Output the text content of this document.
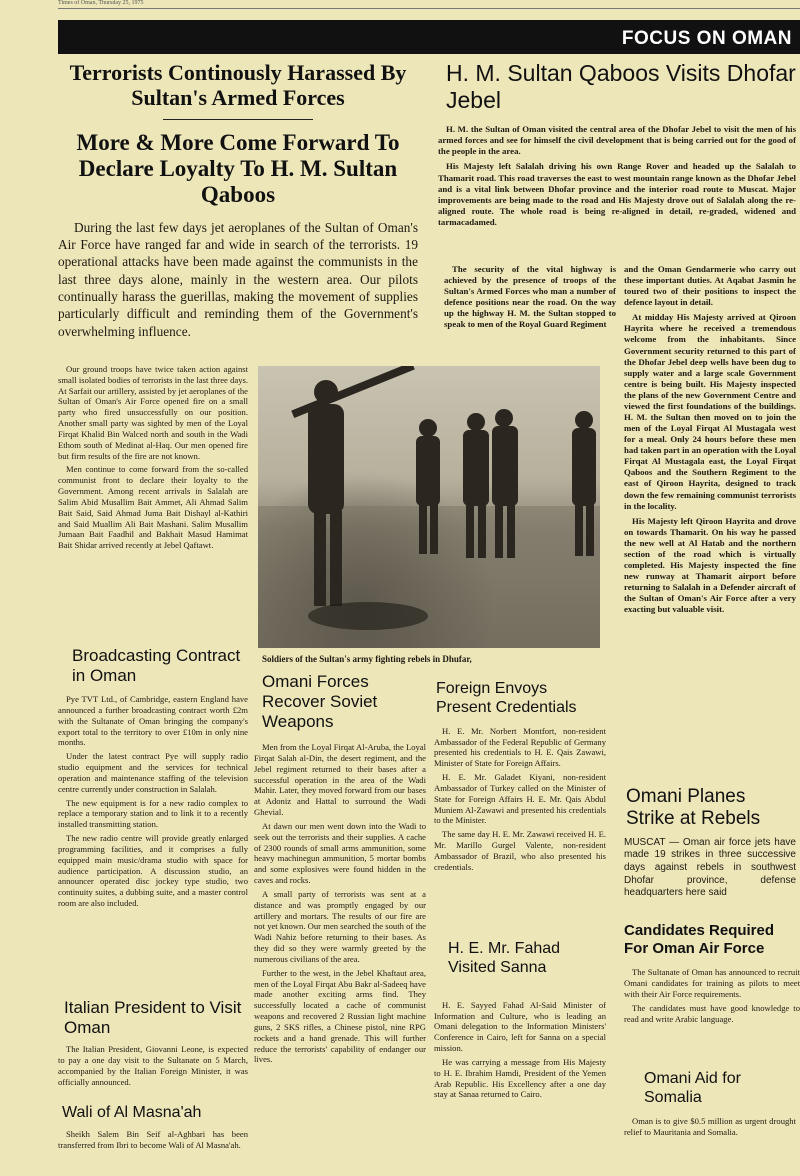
Times of Oman, Thursday 25, 1975
FOCUS ON OMAN
Terrorists Continously Harassed By Sultan's Armed Forces
More & More Come Forward To Declare Loyalty To H. M. Sultan Qaboos

During the last few days jet aeroplanes of the Sultan of Oman's Air Force have ranged far and wide in search of the terrorists. 19 operational attacks have been made against the communists in the last three days alone, mainly in the western area. Our pilots continually harass the guerillas, making the movement of supplies particularly difficult and reminding them of the Government's overwhelming influence.

Our ground troops have twice taken action against small isolated bodies of terrorists in the last three days. At Sarfait our artillery, assisted by jet aeroplanes of the Sultan of Oman's Air Force opened fire on a small party who fired unsuccessfully on our position. Another small party was sighted by men of the Loyal Firqat Khalid Bin Walced north and south in the Wadi Ethom south of Medinat al-Haq. Our men opened fire but firm results of the fire are not known.

Men continue to come forward from the so-called communist front to declare their loyalty to the Government. Among recent arrivals in Salalah are Salim Abid Musallim Bait Ammet, Ali Ahmad Salim Bait Said, Said Ahmad Juma Bait Dishayl al-Kathiri and Said Muallim Ali Bait Mashani. Salim Musallim Jumaan Bait Faadhil and Bakhait Masud Hamimat Bait Shidar arrived recently at Jebel Qaftawt.

Broadcasting Contract in Oman

Pye TVT Ltd., of Cambridge, eastern England have announced a further broadcasting contract worth £2m with the Sultanate of Oman bringing the company's export total to the territory to over £10m in only nine months.

Under the latest contract Pye will supply radio studio equipment and the services for technical operation and maintenance staffing of the television centre currently under construction in Salalah.

The new equipment is for a new radio complex to replace a temporary station and to link it to a recently installed transmitting station.

The new radio centre will provide greatly enlarged programming facilities, and it comprises a fully equipped main music/drama studio with space for audience participation. A discussion studio, an announcer operated disc jockey type studio, two continuity suites, a dubbing suite, and a master control room are also included.

Italian President to Visit Oman

The Italian President, Giovanni Leone, is expected to pay a one day visit to the Sultanate on 5 March, accompanied by the Italian Foreign Minister, it was officially announced.

Wali of Al Masna'ah

Sheikh Salem Bin Seif al-Aghbari has been transferred from Ibri to become Wali of Al Masna'ah.

H. M. Sultan Qaboos Visits Dhofar Jebel

H. M. the Sultan of Oman visited the central area of the Dhofar Jebel to visit the men of his armed forces and see for himself the civil development that is being carried out for the good of the people in the area.

His Majesty left Salalah driving his own Range Rover and headed up the Salalah to Thamarit road. This road traverses the east to west mountain range known as the Dhofar Jebel and is a vital link between Dhofar province and the interior road route to Muscat. Major improvements are being made to the road and His Majesty drove out of Salalah along the re-aligned route. The whole road is being re-aligned in detail, re-graded, widened and tarmacadamed.

The security of the vital highway is achieved by the presence of troops of the Sultan's Armed Forces who man a number of defence positions near the road. On the way up the highway H. M. the Sultan stopped to speak to men of the Royal Guard Regiment

and the Oman Gendarmerie who carry out these important duties. At Aqabat Jasmin he toured two of their positions to inspect the defence layout in detail.

At midday His Majesty arrived at Qiroon Hayrita where he received a tremendous welcome from the inhabitants. Since Government security returned to this part of the Dhofar Jebel deep wells have been dug to supply water and a large scale Government centre is being built. His Majesty inspected the plans of the new Government Centre and viewed the first foundations of the buildings. H. M. the Sultan then moved on to join the men of the Loyal Firqat Al Mustagala west for a meal. Only 24 hours before these men had taken part in an operation with the Loyal Firqat Al Mustagala east, the Loyal Firqat Qaboos and the Southern Regiment to the east of Qiroon Hayrita, designed to track down the few remaining communist terrorists in the locality.

His Majesty left Qiroon Hayrita and drove on towards Thamarit. On his way he passed the new well at Al Hatab and the northern section of the road which is virtually completed. His Majesty inspected the fine new runway at Thamarit airport before returning to Salalah in a Defender aircraft of the Sultan of Oman's Air Force after a very exacting but valuable visit.

Soldiers of the Sultan's army fighting rebels in Dhufar,
Omani Forces Recover Soviet Weapons

Men from the Loyal Firqat Al-Aruba, the Loyal Firqat Salah al-Din, the desert regiment, and the Jebel regiment returned to their bases after a successful operation in the area of the Wadi Mahir. Later, they moved forward from our bases at Adoniz and Hattal to surround the Wadi Ghevial.

At dawn our men went down into the Wadi to seek out the terrorists and their supplies. A cache of 2300 rounds of small arms ammunition, some heavy machinegun ammunition, 5 mortar bombs and some explosives were found hidden in the caves and rocks.

A small party of terrorists was sent at a distance and was promptly engaged by our artillery and mortars. The results of our fire are not yet known. Our men searched the south of the Wadi Nahiz before returning to their bases. As they did so they were warmly greeted by the numerous civilians of the area.

Further to the west, in the Jebel Khaftaut area, men of the Loyal Firqat Abu Bakr al-Sadeeq have made another exciting arms find. They successfully located a cache of communist weapons and recovered 2 Russian light machine guns, 2 SKS rifles, a Chinese pistol, nine RPG rockets and a hand grenade. This will further reduce the terrorists' capability of endanger our lives.

Foreign Envoys Present Credentials

H. E. Mr. Norbert Montfort, non-resident Ambassador of the Federal Republic of Germany presented his credentials to H. E. Qais Zawawi, Minister of State for Foreign Affairs.

H. E. Mr. Galadet Kiyani, non-resident Ambassador of Turkey called on the Minister of State for Foreign Affairs H. E. Mr. Qais Abdul Muniem Al-Zawawi and presented his credentials to the Minister.

The same day H. E. Mr. Zawawi received H. E. Mr. Marillo Gurgel Valente, non-resident Ambassador of Brazil, who also presented his credentials.

H. E. Mr. Fahad Visited Sanna

H. E. Sayyed Fahad Al-Said Minister of Information and Culture, who is leading an Omani delegation to the Information Ministers' Conference in Cairo, left for Sanna on a special mission.

He was carrying a message from His Majesty to H. E. Ibrahim Hamdi, President of the Yemen Arab Republic. His Excellency after a one day stay at Sanaa returned to Cairo.

Omani Planes Strike at Rebels

MUSCAT — Oman air force jets have made 19 strikes in three successive days against rebels in southwest Dhofar province, defense headquarters here said

Candidates Required For Oman Air Force

The Sultanate of Oman has announced to recruit Omani candidates for training as pilots to meet with their Air Force requirements.

The candidates must have good knowledge to read and write Arabic language.

Omani Aid for Somalia

Oman is to give $0.5 million as urgent drought relief to Mauritania and Somalia.
